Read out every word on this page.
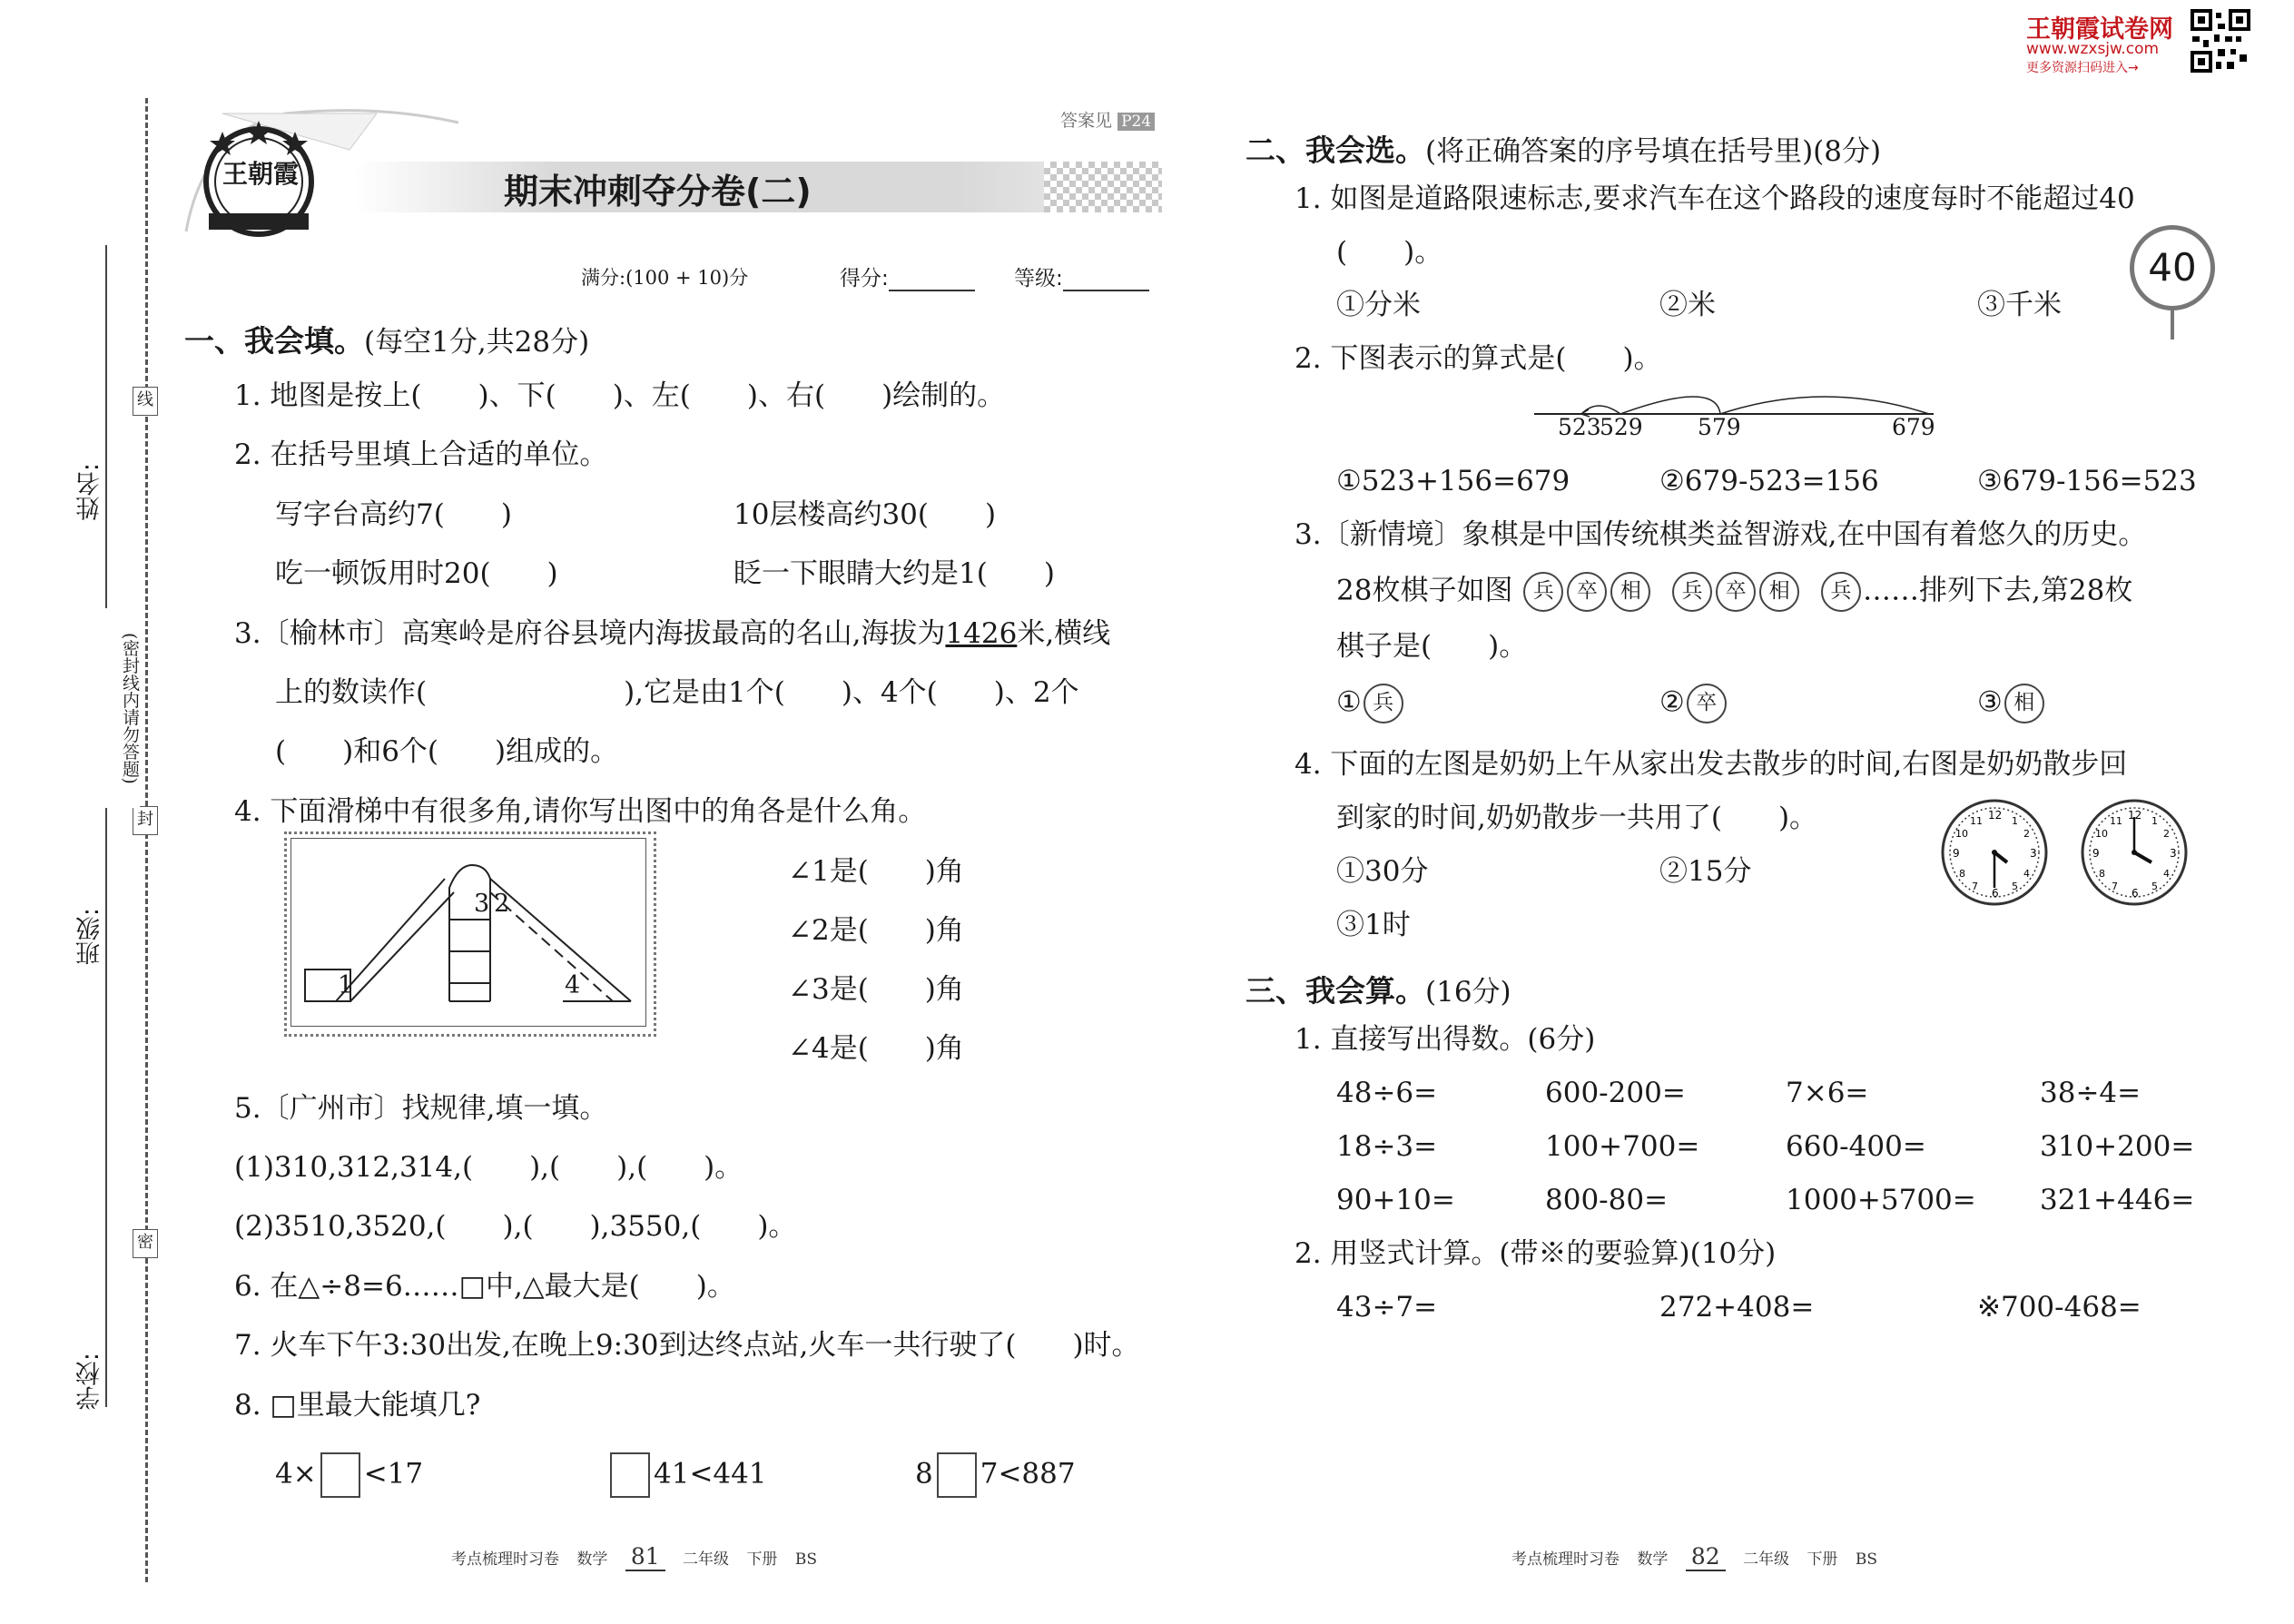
线
封
密
(密封线内请勿答题)
姓名:
班级:
学校:
王朝霞
答案见 P24
期末冲刺夺分卷(二)
满分:(100 + 10)分	得分:	等级:
王朝霞试卷网
www.wzxsjw.com
更多资源扫码进入→
一、我会填。(每空1分,共28分)
1. 地图是按上(　　)、下(　　)、左(　　)、右(　　)绘制的。
2. 在括号里填上合适的单位。
写字台高约7(　　)	10层楼高约30(　　)
吃一顿饭用时20(　　)	眨一下眼睛大约是1(　　)
3.〔榆林市〕高寒岭是府谷县境内海拔最高的名山,海拔为1426米,横线
上的数读作(　　　　　　　),它是由1个(　　)、4个(　　)、2个
(　　)和6个(　　)组成的。
4. 下面滑梯中有很多角,请你写出图中的角各是什么角。
1
3 2
4
∠1是(　　)角
∠2是(　　)角
∠3是(　　)角
∠4是(　　)角
5.〔广州市〕找规律,填一填。
(1)310,312,314,(　　),(　　),(　　)。
(2)3510,3520,(　　),(　　),3550,(　　)。
6. 在△÷8=6……□中,△最大是(　　)。
7. 火车下午3:30出发,在晚上9:30到达终点站,火车一共行驶了(　　)时。
8. □里最大能填几?
4× <17	41<441	8 7<887
考点梳理时习卷 数学 81 二年级 下册 BS
二、我会选。(将正确答案的序号填在括号里)(8分)
1. 如图是道路限速标志,要求汽车在这个路段的速度每时不能超过40
(　　)。	40
①分米	②米	③千米
2. 下图表示的算式是(　　)。
523
529 579	679
①523+156=679	②679-523=156	③679-156=523
3.〔新情境〕象棋是中国传统棋类益智游戏,在中国有着悠久的历史。
28枚棋子如图 兵 卒 相 兵 卒 相 兵 ……排列下去,第28枚
棋子是(　　)。
① 兵	② 卒	③ 相
4. 下面的左图是奶奶上午从家出发去散步的时间,右图是奶奶散步回
到家的时间,奶奶散步一共用了(　　)。	12
3
6
9
1
2
4
5
7
8
10
11	12
3
6
9
1
2
4
5
7
8
10
11
①30分	②15分
③1时
三、我会算。(16分)
1. 直接写出得数。(6分)
48÷6=	600-200=	7×6=	38÷4=
18÷3=	100+700=	660-400=	310+200=
90+10=	800-80=	1000+5700= 321+446=
2. 用竖式计算。(带※的要验算)(10分)
43÷7=	272+408=	※700-468=
考点梳理时习卷 数学 82 二年级 下册 BS
